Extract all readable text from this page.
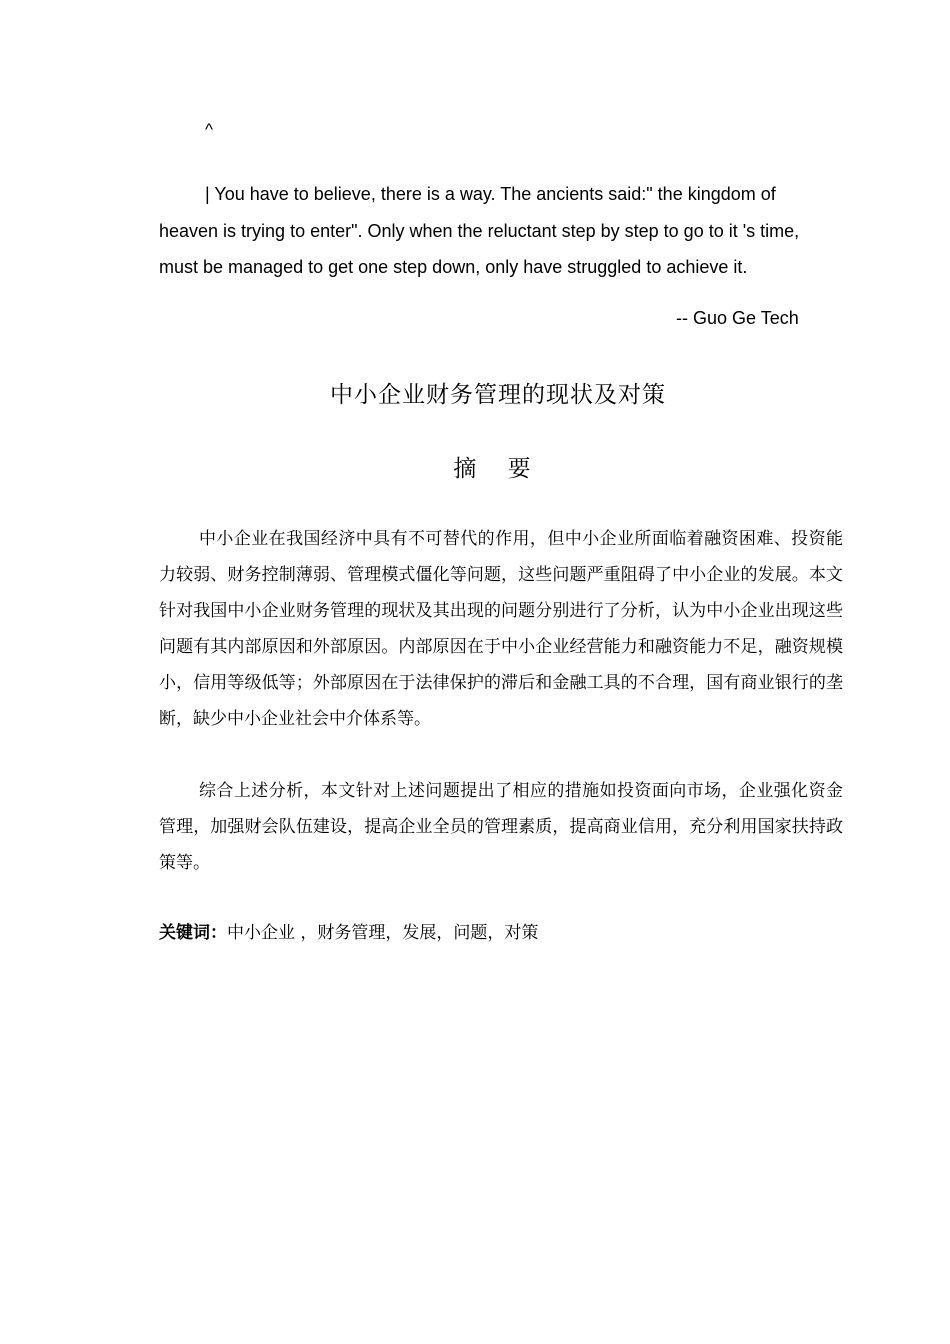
^
| You have to believe, there is a way. The ancients said:" the kingdom of heaven is trying to enter". Only when the reluctant step by step to go to it 's time, must be managed to get one step down, only have struggled to achieve it.
-- Guo Ge Tech
中小企业财务管理的现状及对策
摘 要
中小企业在我国经济中具有不可替代的作用，但中小企业所面临着融资困难、投资能力较弱、财务控制薄弱、管理模式僵化等问题，这些问题严重阻碍了中小企业的发展。本文针对我国中小企业财务管理的现状及其出现的问题分别进行了分析，认为中小企业出现这些问题有其内部原因和外部原因。内部原因在于中小企业经营能力和融资能力不足，融资规模小，信用等级低等；外部原因在于法律保护的滞后和金融工具的不合理，国有商业银行的垄断，缺少中小企业社会中介体系等。
综合上述分析，本文针对上述问题提出了相应的措施如投资面向市场，企业强化资金管理，加强财会队伍建设，提高企业全员的管理素质，提高商业信用，充分利用国家扶持政策等。
关键词：中小企业 ，财务管理，发展，问题，对策
